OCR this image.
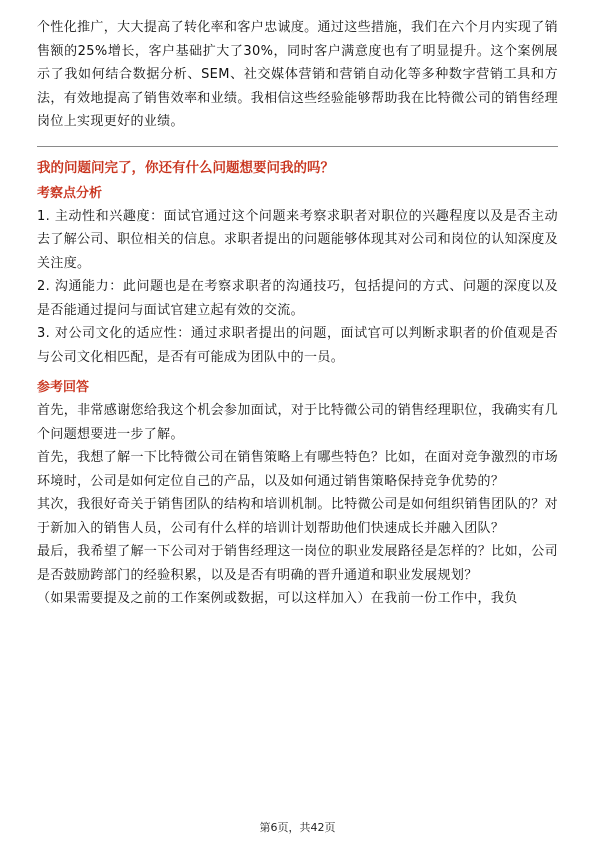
个性化推广，大大提高了转化率和客户忠诚度。通过这些措施，我们在六个月内实现了销售额的25%增长，客户基础扩大了30%，同时客户满意度也有了明显提升。这个案例展示了我如何结合数据分析、SEM、社交媒体营销和营销自动化等多种数字营销工具和方法，有效地提高了销售效率和业绩。我相信这些经验能够帮助我在比特微公司的销售经理岗位上实现更好的业绩。

我的问题问完了，你还有什么问题想要问我的吗？

考察点分析

1. 主动性和兴趣度：面试官通过这个问题来考察求职者对职位的兴趣程度以及是否主动去了解公司、职位相关的信息。求职者提出的问题能够体现其对公司和岗位的认知深度及关注度。

2. 沟通能力：此问题也是在考察求职者的沟通技巧，包括提问的方式、问题的深度以及是否能通过提问与面试官建立起有效的交流。

3. 对公司文化的适应性：通过求职者提出的问题，面试官可以判断求职者的价值观是否与公司文化相匹配，是否有可能成为团队中的一员。

参考回答

首先，非常感谢您给我这个机会参加面试，对于比特微公司的销售经理职位，我确实有几个问题想要进一步了解。

首先，我想了解一下比特微公司在销售策略上有哪些特色？比如，在面对竞争激烈的市场环境时，公司是如何定位自己的产品，以及如何通过销售策略保持竞争优势的？

其次，我很好奇关于销售团队的结构和培训机制。比特微公司是如何组织销售团队的？对于新加入的销售人员，公司有什么样的培训计划帮助他们快速成长并融入团队？

最后，我希望了解一下公司对于销售经理这一岗位的职业发展路径是怎样的？比如，公司是否鼓励跨部门的经验积累，以及是否有明确的晋升通道和职业发展规划？

（如果需要提及之前的工作案例或数据，可以这样加入）在我前一份工作中，我负

第6页，共42页
